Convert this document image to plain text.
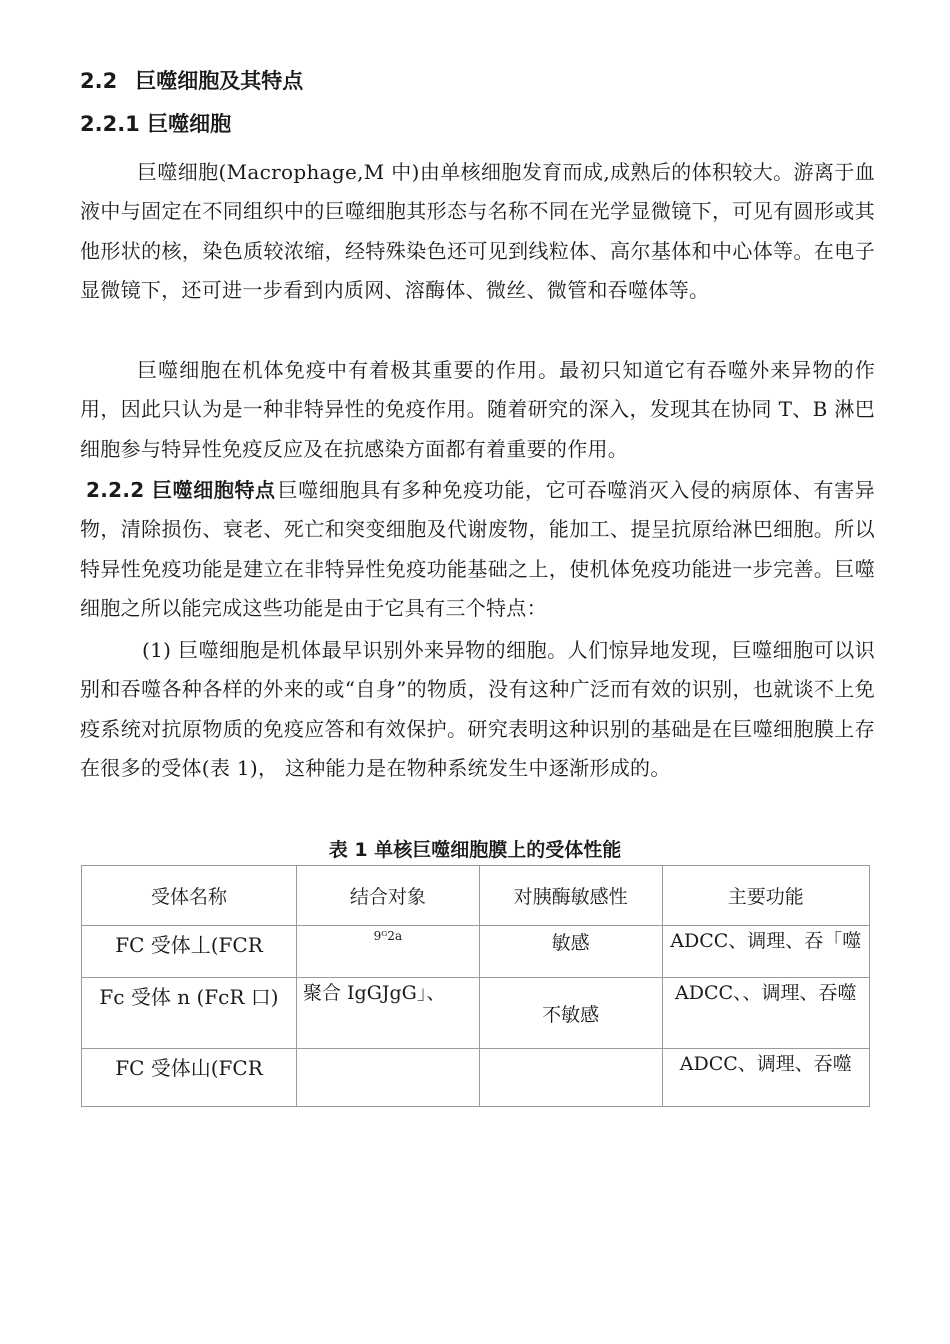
2.2 巨噬细胞及其特点
2.2.1 巨噬细胞

巨噬细胞(Macrophage,M 中)由单核细胞发育而成,成熟后的体积较大。游离于血液中与固定在不同组织中的巨噬细胞其形态与名称不同在光学显微镜下，可见有圆形或其他形状的核，染色质较浓缩，经特殊染色还可见到线粒体、高尔基体和中心体等。在电子显微镜下，还可进一步看到内质网、溶酶体、微丝、微管和吞噬体等。

巨噬细胞在机体免疫中有着极其重要的作用。最初只知道它有吞噬外来异物的作用，因此只认为是一种非特异性的免疫作用。随着研究的深入，发现其在协同 T、B 淋巴细胞参与特异性免疫反应及在抗感染方面都有着重要的作用。

2.2.2 巨噬细胞特点 巨噬细胞具有多种免疫功能，它可吞噬消灭入侵的病原体、有害异物，清除损伤、衰老、死亡和突变细胞及代谢废物，能加工、提呈抗原给淋巴细胞。所以特异性免疫功能是建立在非特异性免疫功能基础之上，使机体免疫功能进一步完善。巨噬细胞之所以能完成这些功能是由于它具有三个特点：

(1) 巨噬细胞是机体最早识别外来异物的细胞。人们惊异地发现，巨噬细胞可以识别和吞噬各种各样的外来的或“自身”的物质，没有这种广泛而有效的识别，也就谈不上免疫系统对抗原物质的免疫应答和有效保护。研究表明这种识别的基础是在巨噬细胞膜上存在很多的受体(表 1)， 这种能力是在物种系统发生中逐渐形成的。

表 1 单核巨噬细胞膜上的受体性能
受体名称	结合对象	对胰酶敏感性	主要功能
FC 受体丄(FCR	9ᴳ2a	敏感	ADCC、调理、吞「噬

Fc 受体 n (FcR 口)	聚合 IgGJgG」、	不敏感	ADCC、、调理、吞噬
FC 受体山(FCR			ADCC、调理、吞噬
